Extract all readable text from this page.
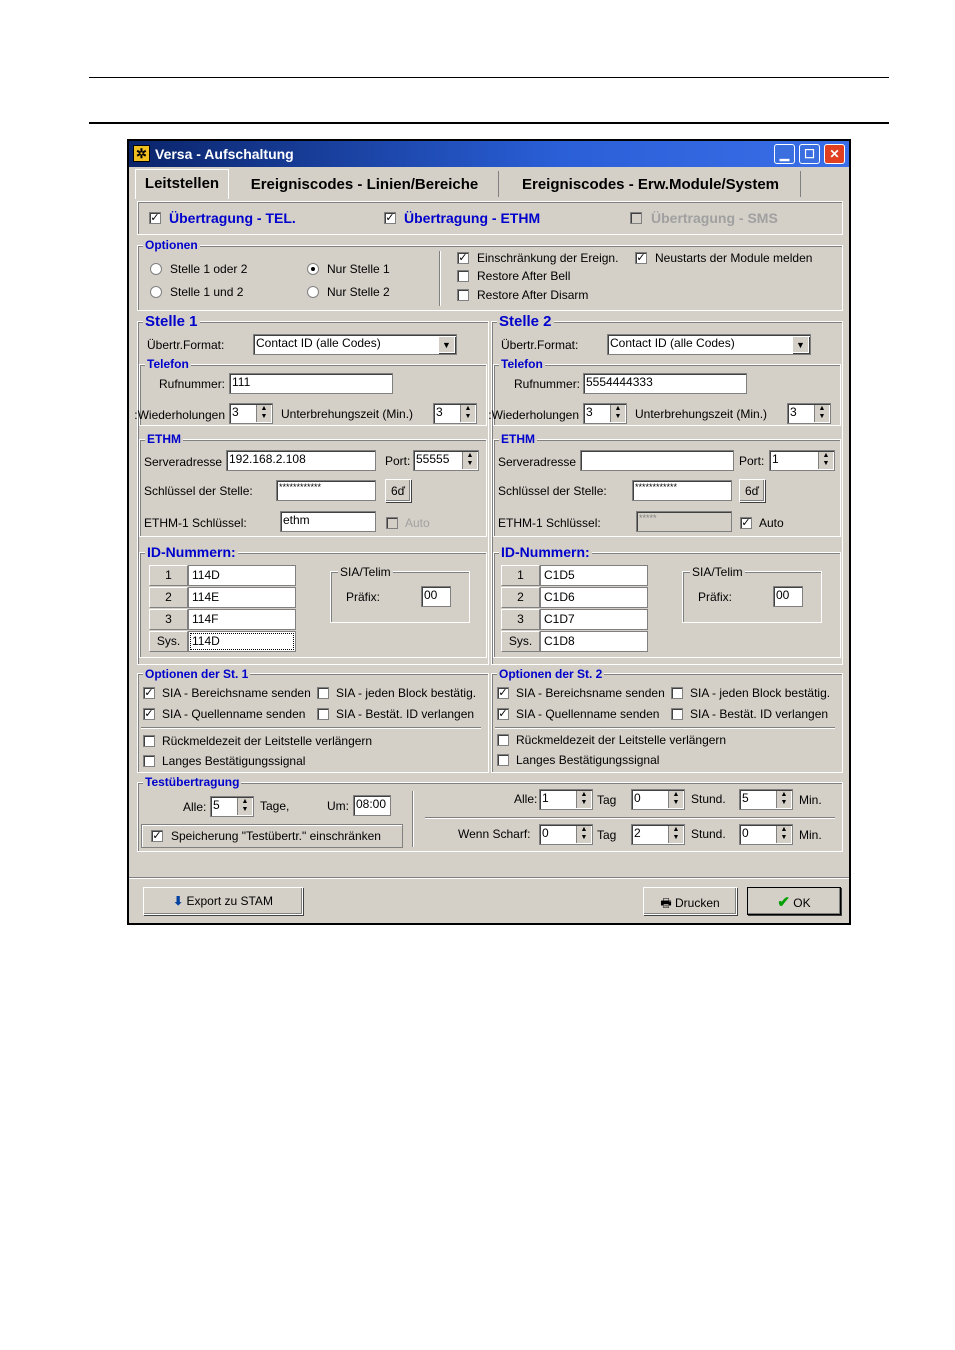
✲ Versa - Aufschaltung	▁	☐	✕
Leitstellen	Ereigniscodes - Linien/Bereiche	Ereigniscodes - Erw.Module/System
✓ Übertragung - TEL.	✓ Übertragung - ETHM	Übertragung - SMS
Optionen
Stelle 1 oder 2
Stelle 1 und 2
Nur Stelle 1
Nur Stelle 2
✓ Einschränkung der Ereign.
Restore After Bell
Restore After Disarm
✓ Neustarts der Module melden
Stelle 1
Übertr.Format:	Contact ID (alle Codes)	▼
Telefon
Rufnummer: 111
Wiederholungen: 3	▲
▼ Unterbrehungszeit (Min.) 3	▲
▼
ETHM
Serveradresse 192.168.2.108	Port: 55555	▲
▼
Schlüssel der Stelle:	************	6ď
ETHM-1 Schlüssel:	ethm	Auto
ID-Nummern:
1	114D
2	114E
3	114F
Sys. 114D
SIA/Telim
Präfix:	00
Stelle 2
Übertr.Format:	Contact ID (alle Codes)	▼
Telefon
Rufnummer: 5554444333
Wiederholungen: 3	▲
▼ Unterbrehungszeit (Min.) 3	▲
▼
ETHM
Serveradresse	Port: 1	▲
▼
Schlüssel der Stelle:	************	6ď
ETHM-1 Schlüssel:	*****	✓ Auto
ID-Nummern:
1	C1D5
2	C1D6
3	C1D7
Sys. C1D8
SIA/Telim
Präfix:	00
Optionen der St. 1
✓ SIA - Bereichsname senden SIA - jeden Block bestätig.
✓ SIA - Quellenname senden	SIA - Bestät. ID verlangen
Rückmeldezeit der Leitstelle verlängern
Langes Bestätigungssignal
Optionen der St. 2
✓ SIA - Bereichsname senden SIA - jeden Block bestätig.
✓ SIA - Quellenname senden	SIA - Bestät. ID verlangen
Rückmeldezeit der Leitstelle verlängern
Langes Bestätigungssignal
Testübertragung
Alle: 5	▲
▼ Tage,	Um: 08:00
✓ Speicherung "Testübertr." einschränken
Alle: 1	▲
▼ Tag 0	▲
▼ Stund. 5	▲
▼ Min.
Wenn Scharf: 0	▲
▼ Tag 2	▲
▼ Stund. 0	▲
▼ Min.
⬇ Export zu STAM	🖶 Drucken	✔ OK
